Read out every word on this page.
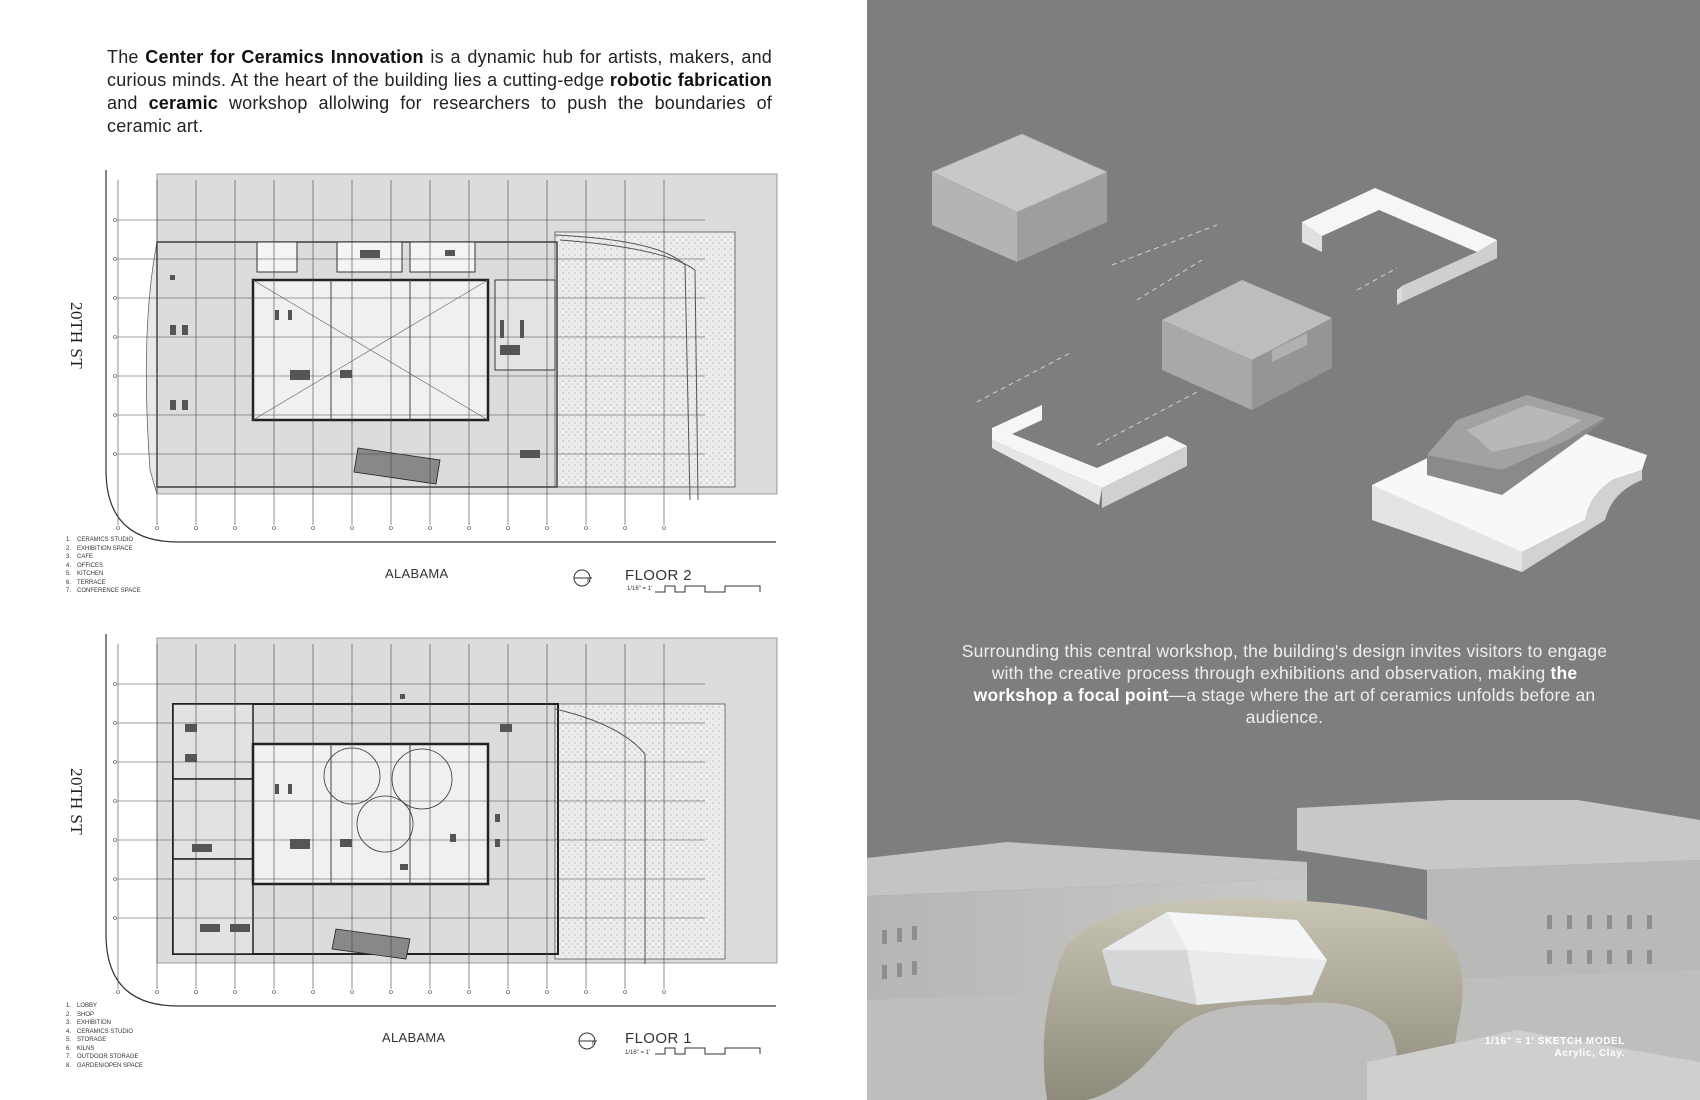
The Center for Ceramics Innovation is a dynamic hub for artists, makers, and curious minds. At the heart of the building lies a cutting-edge robotic fabrication and ceramic workshop allolwing for researchers to push the boundaries of ceramic art.

20TH ST
ALABAMA	N FLOOR 2
1/16" = 1'
1. CERAMICS STUDIO
2. EXHIBITION SPACE
3. CAFE
4. OFFICES
5. KITCHEN
6. TERRACE
7. CONFERENCE SPACE
20TH ST
ALABAMA	N FLOOR 1
1/16" = 1'
1. LOBBY
2. SHOP
3. EXHIBITION
4. CERAMICS STUDIO
5. STORAGE
6. KILNS
7. OUTDOOR STORAGE
8. GARDEN/OPEN SPACE

Surrounding this central workshop, the building's design invites visitors to engage with the creative process through exhibitions and observation, making the workshop a focal point—a stage where the art of ceramics unfolds before an audience.

1/16" = 1' SKETCH MODEL
Acrylic, Clay.
